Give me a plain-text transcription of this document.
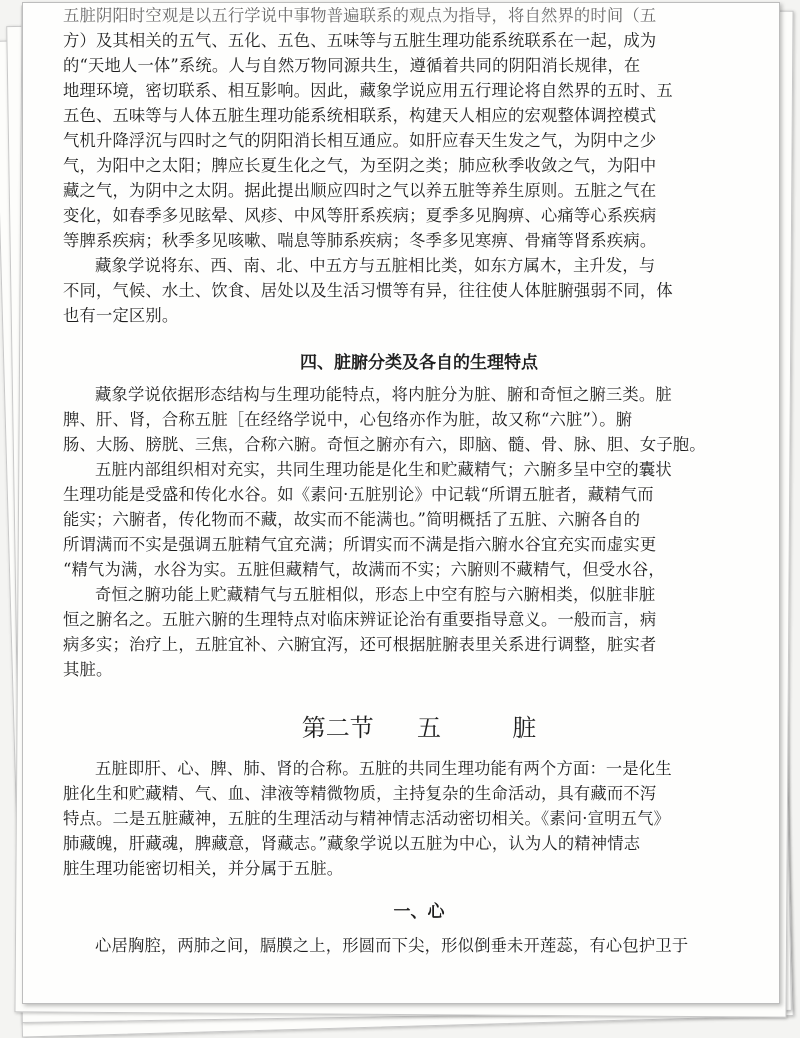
五脏阴阳时空观是以五行学说中事物普遍联系的观点为指导，将自然界的时间（五
方）及其相关的五气、五化、五色、五味等与五脏生理功能系统联系在一起，成为
的“天地人一体”系统。人与自然万物同源共生，遵循着共同的阴阳消长规律，在
地理环境，密切联系、相互影响。因此，藏象学说应用五行理论将自然界的五时、五
五色、五味等与人体五脏生理功能系统相联系，构建天人相应的宏观整体调控模式
气机升降浮沉与四时之气的阴阳消长相互通应。如肝应春天生发之气，为阴中之少
气，为阳中之太阳；脾应长夏生化之气，为至阴之类；肺应秋季收敛之气，为阳中
藏之气，为阴中之太阴。据此提出顺应四时之气以养五脏等养生原则。五脏之气在
变化，如春季多见眩晕、风疹、中风等肝系疾病；夏季多见胸痹、心痛等心系疾病
等脾系疾病；秋季多见咳嗽、喘息等肺系疾病；冬季多见寒痹、骨痛等肾系疾病。
藏象学说将东、西、南、北、中五方与五脏相比类，如东方属木，主升发，与
不同，气候、水土、饮食、居处以及生活习惯等有异，往往使人体脏腑强弱不同，体
也有一定区别。
四、脏腑分类及各自的生理特点
藏象学说依据形态结构与生理功能特点，将内脏分为脏、腑和奇恒之腑三类。脏
脾、肝、肾，合称五脏［在经络学说中，心包络亦作为脏，故又称“六脏”）。腑
肠、大肠、膀胱、三焦，合称六腑。奇恒之腑亦有六，即脑、髓、骨、脉、胆、女子胞。
五脏内部组织相对充实，共同生理功能是化生和贮藏精气；六腑多呈中空的囊状
生理功能是受盛和传化水谷。如《素问·五脏别论》中记载“所谓五脏者，藏精气而
能实；六腑者，传化物而不藏，故实而不能满也。”简明概括了五脏、六腑各自的
所谓满而不实是强调五脏精气宜充满；所谓实而不满是指六腑水谷宜充实而虚实更
“精气为满，水谷为实。五脏但藏精气，故满而不实；六腑则不藏精气，但受水谷，
奇恒之腑功能上贮藏精气与五脏相似，形态上中空有腔与六腑相类，似脏非脏
恒之腑名之。五脏六腑的生理特点对临床辨证论治有重要指导意义。一般而言，病
病多实；治疗上，五脏宜补、六腑宜泻，还可根据脏腑表里关系进行调整，脏实者
其脏。
第二节 五	脏
五脏即肝、心、脾、肺、肾的合称。五脏的共同生理功能有两个方面：一是化生
脏化生和贮藏精、气、血、津液等精微物质，主持复杂的生命活动，具有藏而不泻
特点。二是五脏藏神，五脏的生理活动与精神情志活动密切相关。《素问·宣明五气》
肺藏魄，肝藏魂，脾藏意，肾藏志。”藏象学说以五脏为中心，认为人的精神情志
脏生理功能密切相关，并分属于五脏。
一、心
心居胸腔，两肺之间，膈膜之上，形圆而下尖，形似倒垂未开莲蕊，有心包护卫于
